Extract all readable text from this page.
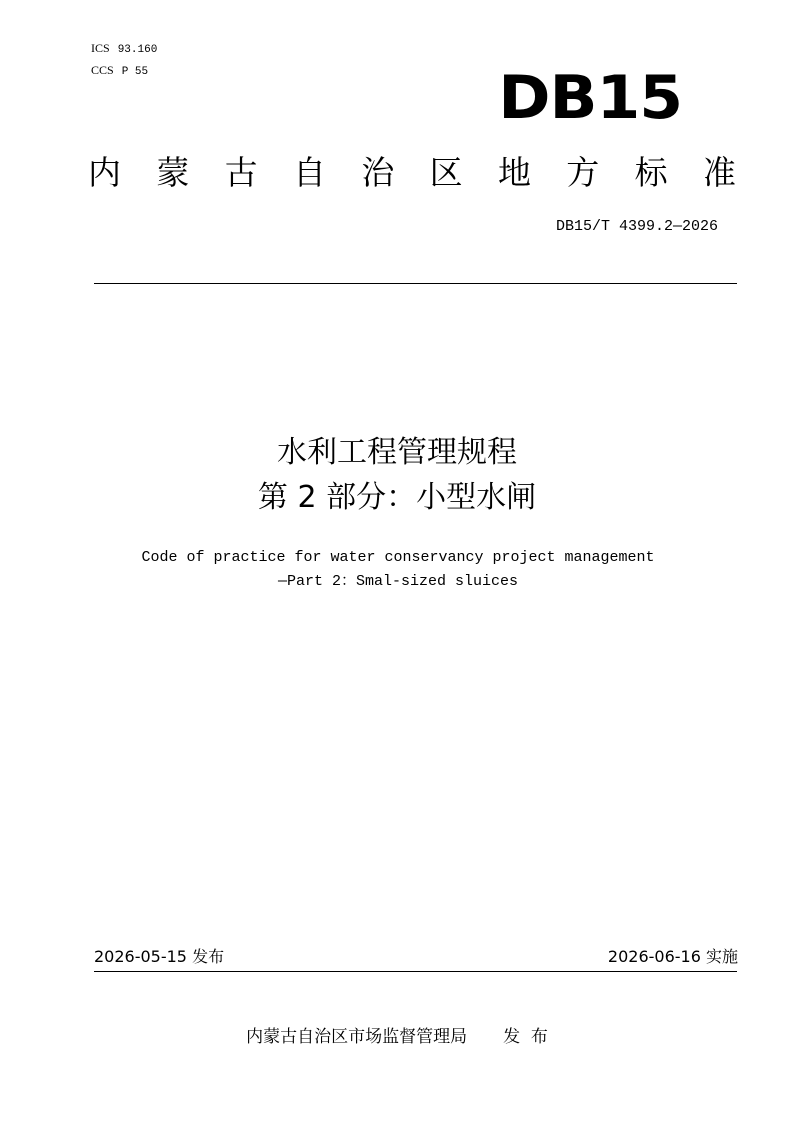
ICS 93.160
CCS P 55	DB15
内 蒙 古 自 治 区 地 方 标 准
DB15/T 4399.2—2026
水利工程管理规程
第 2 部分：小型水闸
Code of practice for water conservancy project management
—Part 2：Smal-sized sluices
2026-05-15 发布	2026-06-16 实施
内蒙古自治区市场监督管理局 发  布
